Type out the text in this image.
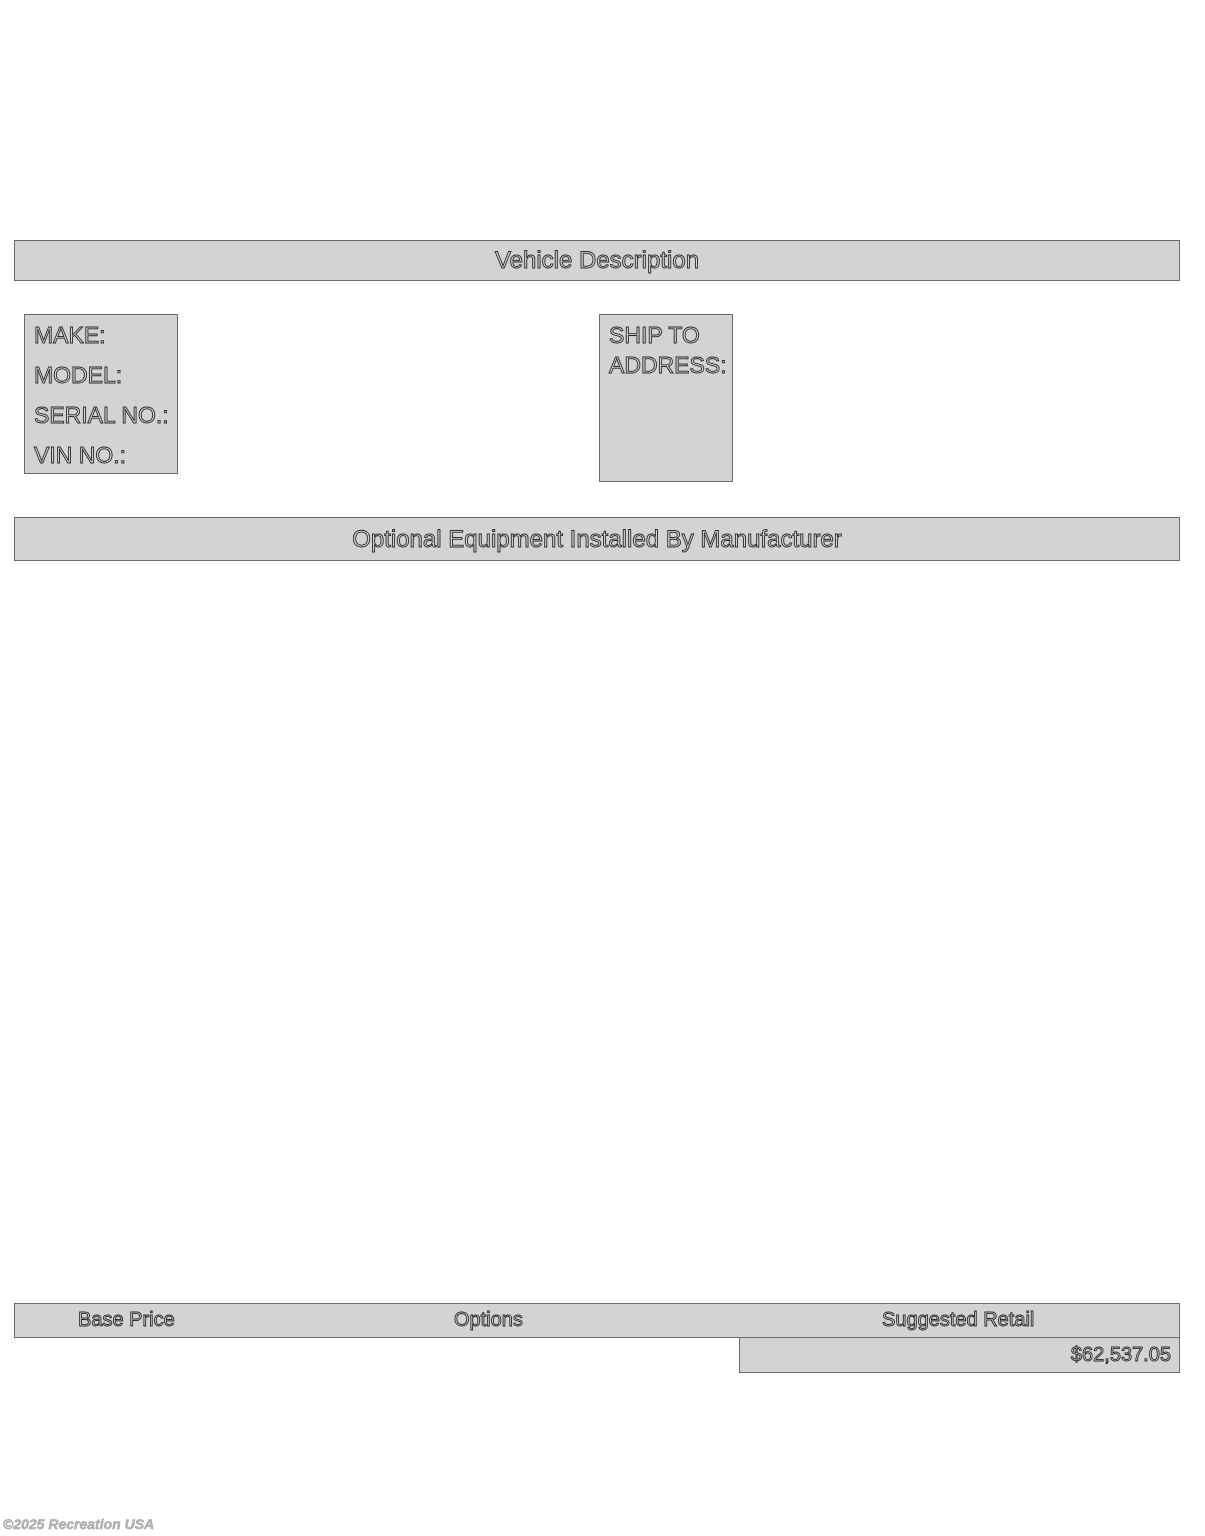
Vehicle Description
MAKE:
MODEL:
SERIAL NO.:
VIN NO.:
SHIP TO
ADDRESS:
Optional Equipment Installed By Manufacturer
Base Price	Options	Suggested Retail
$62,537.05
©2025 Recreation USA
